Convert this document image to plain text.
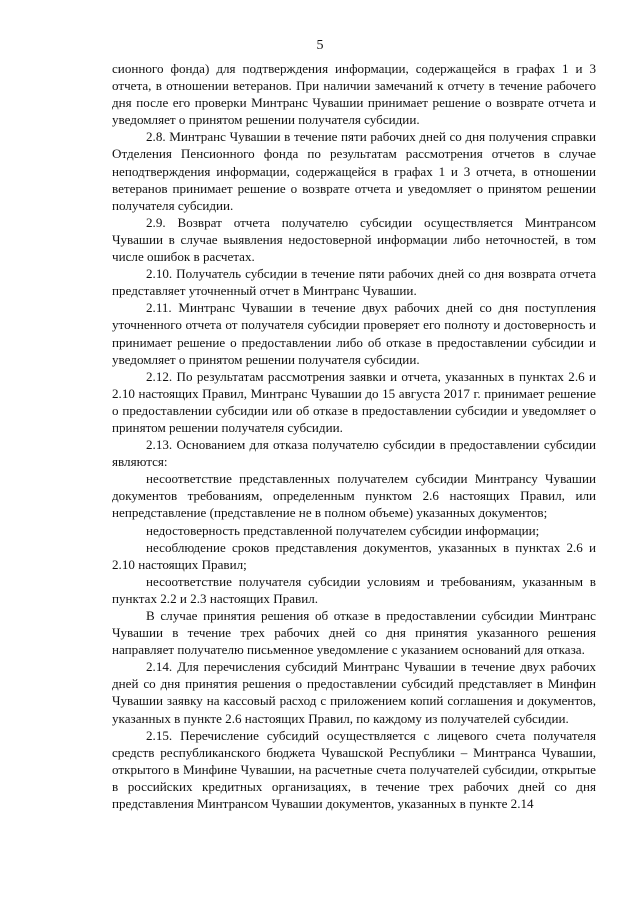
5

сионного фонда) для подтверждения информации, содержащейся в графах 1 и 3 отчета, в отношении ветеранов. При наличии замечаний к отчету в течение рабочего дня после его проверки Минтранс Чувашии принимает решение о возврате отчета и уведомляет о принятом решении получателя субсидии.

2.8. Минтранс Чувашии в течение пяти рабочих дней со дня получения справки Отделения Пенсионного фонда по результатам рассмотрения отчетов в случае неподтверждения информации, содержащейся в графах 1 и 3 отчета, в отношении ветеранов принимает решение о возврате отчета и уведомляет о принятом решении получателя субсидии.

2.9. Возврат отчета получателю субсидии осуществляется Минтрансом Чувашии в случае выявления недостоверной информации либо неточностей, в том числе ошибок в расчетах.

2.10. Получатель субсидии в течение пяти рабочих дней со дня возврата отчета представляет уточненный отчет в Минтранс Чувашии.

2.11. Минтранс Чувашии в течение двух рабочих дней со дня поступления уточненного отчета от получателя субсидии проверяет его полноту и достоверность и принимает решение о предоставлении либо об отказе в предоставлении субсидии и уведомляет о принятом решении получателя субсидии.

2.12. По результатам рассмотрения заявки и отчета, указанных в пунктах 2.6 и 2.10 настоящих Правил, Минтранс Чувашии до 15 августа 2017 г. принимает решение о предоставлении субсидии или об отказе в предоставлении субсидии и уведомляет о принятом решении получателя субсидии.

2.13. Основанием для отказа получателю субсидии в предоставлении субсидии являются:

несоответствие представленных получателем субсидии Минтрансу Чувашии документов требованиям, определенным пунктом 2.6 настоящих Правил, или непредставление (представление не в полном объеме) указанных документов;

недостоверность представленной получателем субсидии информации;

несоблюдение сроков представления документов, указанных в пунктах 2.6 и 2.10 настоящих Правил;

несоответствие получателя субсидии условиям и требованиям, указанным в пунктах 2.2 и 2.3 настоящих Правил.

В случае принятия решения об отказе в предоставлении субсидии Минтранс Чувашии в течение трех рабочих дней со дня принятия указанного решения направляет получателю письменное уведомление с указанием оснований для отказа.

2.14. Для перечисления субсидий Минтранс Чувашии в течение двух рабочих дней со дня принятия решения о предоставлении субсидий представляет в Минфин Чувашии заявку на кассовый расход с приложением копий соглашения и документов, указанных в пункте 2.6 настоящих Правил, по каждому из получателей субсидии.

2.15. Перечисление субсидий осуществляется с лицевого счета получателя средств республиканского бюджета Чувашской Республики – Минтранса Чувашии, открытого в Минфине Чувашии, на расчетные счета получателей субсидии, открытые в российских кредитных организациях, в течение трех рабочих дней со дня представления Минтрансом Чувашии документов, указанных в пункте 2.14
